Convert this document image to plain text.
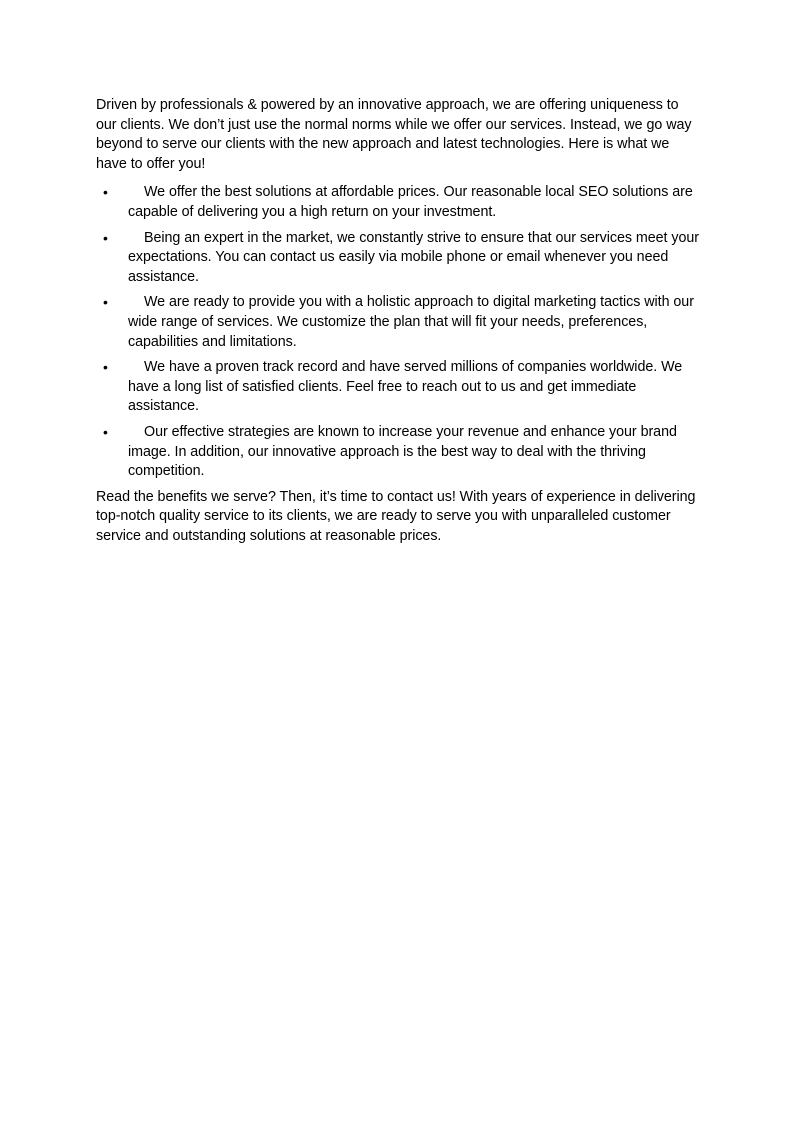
Driven by professionals & powered by an innovative approach, we are offering uniqueness to our clients. We don’t just use the normal norms while we offer our services. Instead, we go way beyond to serve our clients with the new approach and latest technologies. Here is what we have to offer you!

•	We offer the best solutions at affordable prices. Our reasonable local SEO solutions are capable of delivering you a high return on your investment.
•	Being an expert in the market, we constantly strive to ensure that our services meet your expectations. You can contact us easily via mobile phone or email whenever you need assistance.
•	We are ready to provide you with a holistic approach to digital marketing tactics with our wide range of services. We customize the plan that will fit your needs, preferences, capabilities and limitations.
•	We have a proven track record and have served millions of companies worldwide. We have a long list of satisfied clients. Feel free to reach out to us and get immediate assistance.
•	Our effective strategies are known to increase your revenue and enhance your brand image. In addition, our innovative approach is the best way to deal with the thriving competition.

Read the benefits we serve? Then, it’s time to contact us! With years of experience in delivering top-notch quality service to its clients, we are ready to serve you with unparalleled customer service and outstanding solutions at reasonable prices.
